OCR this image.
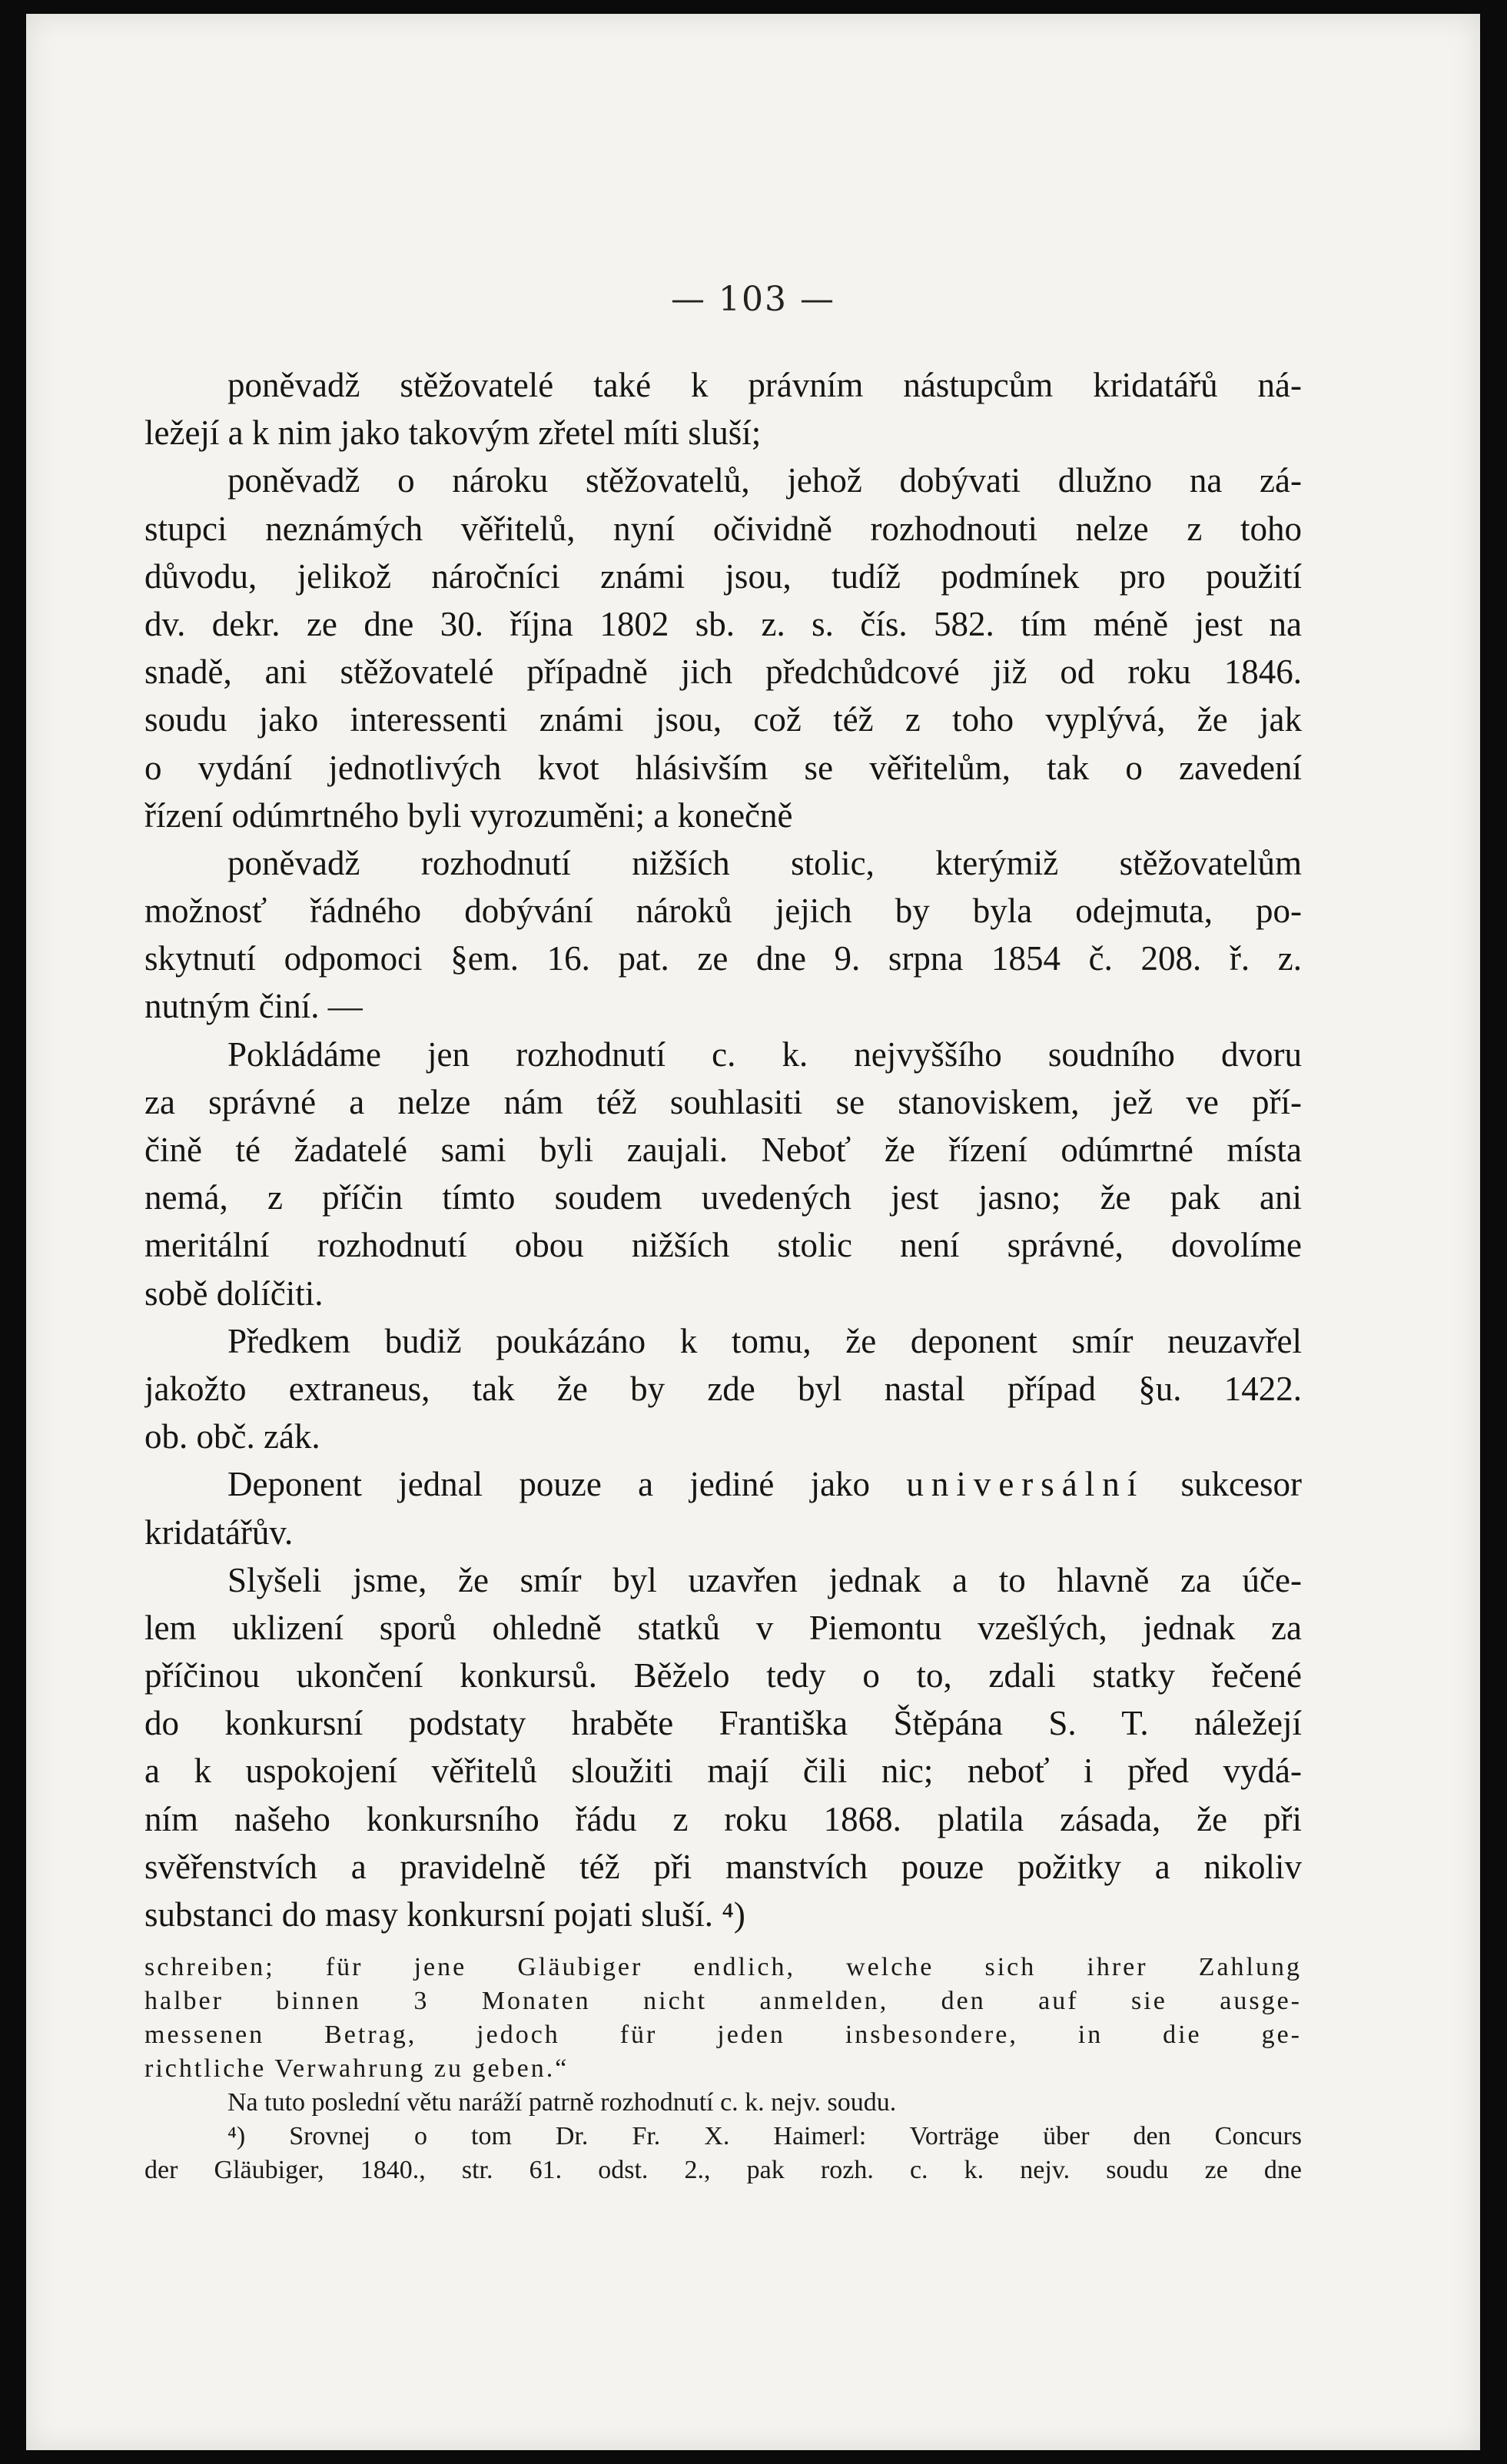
— 103 —
poněvadž stěžovatelé také k právním nástupcům kridatářů ná-
ležejí a k nim jako takovým zřetel míti sluší;
poněvadž o nároku stěžovatelů, jehož dobývati dlužno na zá-
stupci neznámých věřitelů, nyní očividně rozhodnouti nelze z toho
důvodu, jelikož náročníci známi jsou, tudíž podmínek pro použití
dv. dekr. ze dne 30. října 1802 sb. z. s. čís. 582. tím méně jest na
snadě, ani stěžovatelé případně jich předchůdcové již od roku 1846.
soudu jako interessenti známi jsou, což též z toho vyplývá, že jak
o vydání jednotlivých kvot hlásivším se věřitelům, tak o zavedení
řízení odúmrtného byli vyrozuměni; a konečně
poněvadž rozhodnutí nižších stolic, kterýmiž stěžovatelům
možnosť řádného dobývání nároků jejich by byla odejmuta, po-
skytnutí odpomoci §em. 16. pat. ze dne 9. srpna 1854 č. 208. ř. z.
nutným činí. —
Pokládáme jen rozhodnutí c. k. nejvyššího soudního dvoru
za správné a nelze nám též souhlasiti se stanoviskem, jež ve pří-
čině té žadatelé sami byli zaujali. Neboť že řízení odúmrtné místa
nemá, z příčin tímto soudem uvedených jest jasno; že pak ani
meritální rozhodnutí obou nižších stolic není správné, dovolíme
sobě dolíčiti.
Předkem budiž poukázáno k tomu, že deponent smír neuzavřel
jakožto extraneus, tak že by zde byl nastal případ §u. 1422.
ob. obč. zák.
Deponent jednal pouze a jediné jako universální sukcesor
kridatářův.
Slyšeli jsme, že smír byl uzavřen jednak a to hlavně za úče-
lem uklizení sporů ohledně statků v Piemontu vzešlých, jednak za
příčinou ukončení konkursů. Běželo tedy o to, zdali statky řečené
do konkursní podstaty hraběte Františka Štěpána S. T. náležejí
a k uspokojení věřitelů sloužiti mají čili nic; neboť i před vydá-
ním našeho konkursního řádu z roku 1868. platila zásada, že při
svěřenstvích a pravidelně též při manstvích pouze požitky a nikoliv
substanci do masy konkursní pojati sluší. ⁴)
schreiben; für jene Gläubiger endlich, welche sich ihrer Zahlung
halber binnen 3 Monaten nicht anmelden, den auf sie ausge-
messenen Betrag, jedoch für jeden insbesondere, in die ge-
richtliche Verwahrung zu geben.“
Na tuto poslední větu naráží patrně rozhodnutí c. k. nejv. soudu.
⁴) Srovnej o tom Dr. Fr. X. Haimerl: Vorträge über den Concurs
der Gläubiger, 1840., str. 61. odst. 2., pak rozh. c. k. nejv. soudu ze dne
